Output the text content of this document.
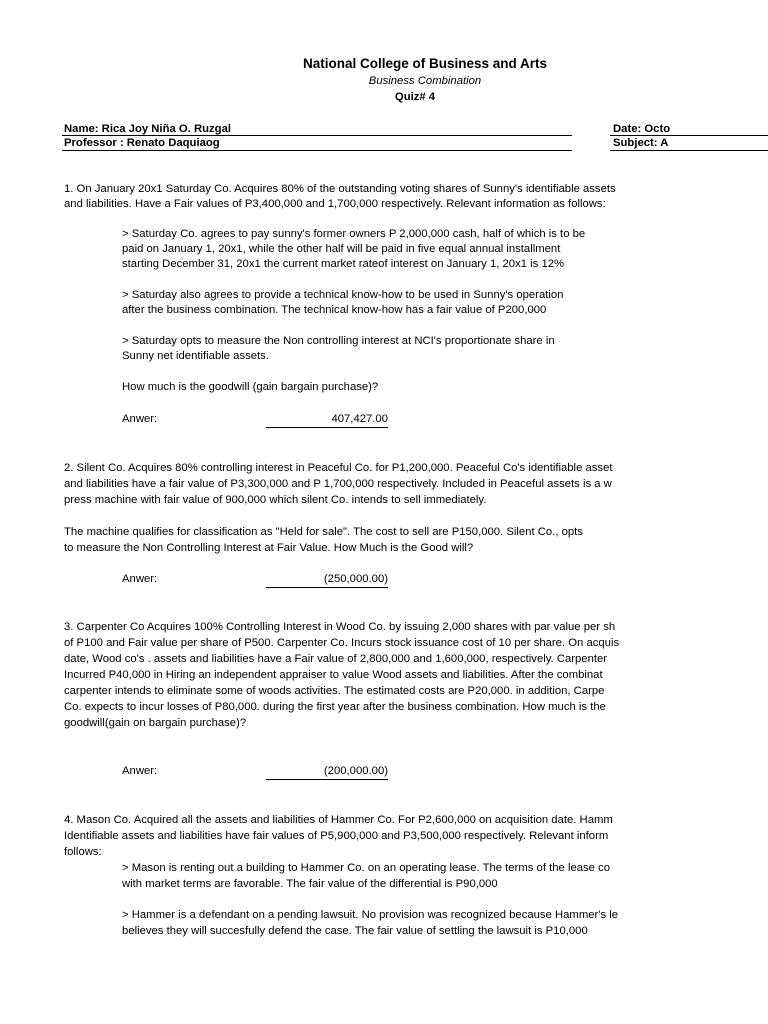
National College of Business and Arts
Business Combination
Quiz# 4
Name: Rica Joy Niña O. Ruzgal
Professor : Renato Daquiaog
Date: Octo
Subject: A
1. On January 20x1 Saturday Co. Acquires 80% of the outstanding voting shares of Sunny's identifiable assets
and liabilities. Have a Fair values of P3,400,000 and 1,700,000 respectively. Relevant information as follows:
> Saturday Co. agrees to pay sunny's former owners P 2,000,000 cash, half of which is to be
paid on January 1, 20x1, while the other half will be paid in five equal annual installment
starting December 31, 20x1 the current market rateof interest on January 1, 20x1 is 12%
> Saturday also agrees to provide a technical know-how to be used in Sunny's operation
after the business combination. The technical know-how has a fair value of P200,000
> Saturday opts to measure the Non controlling interest at NCI's proportionate share in
Sunny net identifiable assets.
How much is the goodwill (gain bargain purchase)?
Anwer:	407,427.00
2. Silent Co. Acquires 80% controlling interest in Peaceful Co. for P1,200,000. Peaceful Co's identifiable asset
and liabilities have a fair value of P3,300,000 and P 1,700,000 respectively. Included in Peaceful assets is a w
press machine with fair value of 900,000 which silent Co. intends to sell immediately.
The machine qualifies for classification as "Held for sale". The cost to sell are P150,000. Silent Co., opts
to measure the Non Controlling Interest at Fair Value. How Much is the Good will?
Anwer:	(250,000.00)
3. Carpenter Co Acquires 100% Controlling Interest in Wood Co. by issuing 2,000 shares with par value per sh
of P100 and Fair value per share of P500. Carpenter Co. Incurs stock issuance cost of 10 per share. On acquis
date, Wood co's . assets and liabilities have a Fair value of 2,800,000 and 1,600,000, respectively. Carpenter
Incurred P40,000 in Hiring an independent appraiser to value Wood assets and liabilities. After the combinat
carpenter intends to eliminate some of woods activities. The estimated costs are P20,000. in addition, Carpe
Co. expects to incur losses of P80,000. during the first year after the business combination. How much is the
goodwill(gain on bargain purchase)?
Anwer:	(200,000.00)
4. Mason Co. Acquired all the assets and liabilities of Hammer Co. For P2,600,000 on acquisition date. Hamm
Identifiable assets and liabilities have fair values of P5,900,000 and P3,500,000 respectively. Relevant inform
follows:
> Mason is renting out a building to Hammer Co. on an operating lease. The terms of the lease co
with market terms are favorable. The fair value of the differential is P90,000
> Hammer is a defendant on a pending lawsuit. No provision was recognized because Hammer's le
believes they will succesfully defend the case. The fair value of settling the lawsuit is P10,000
